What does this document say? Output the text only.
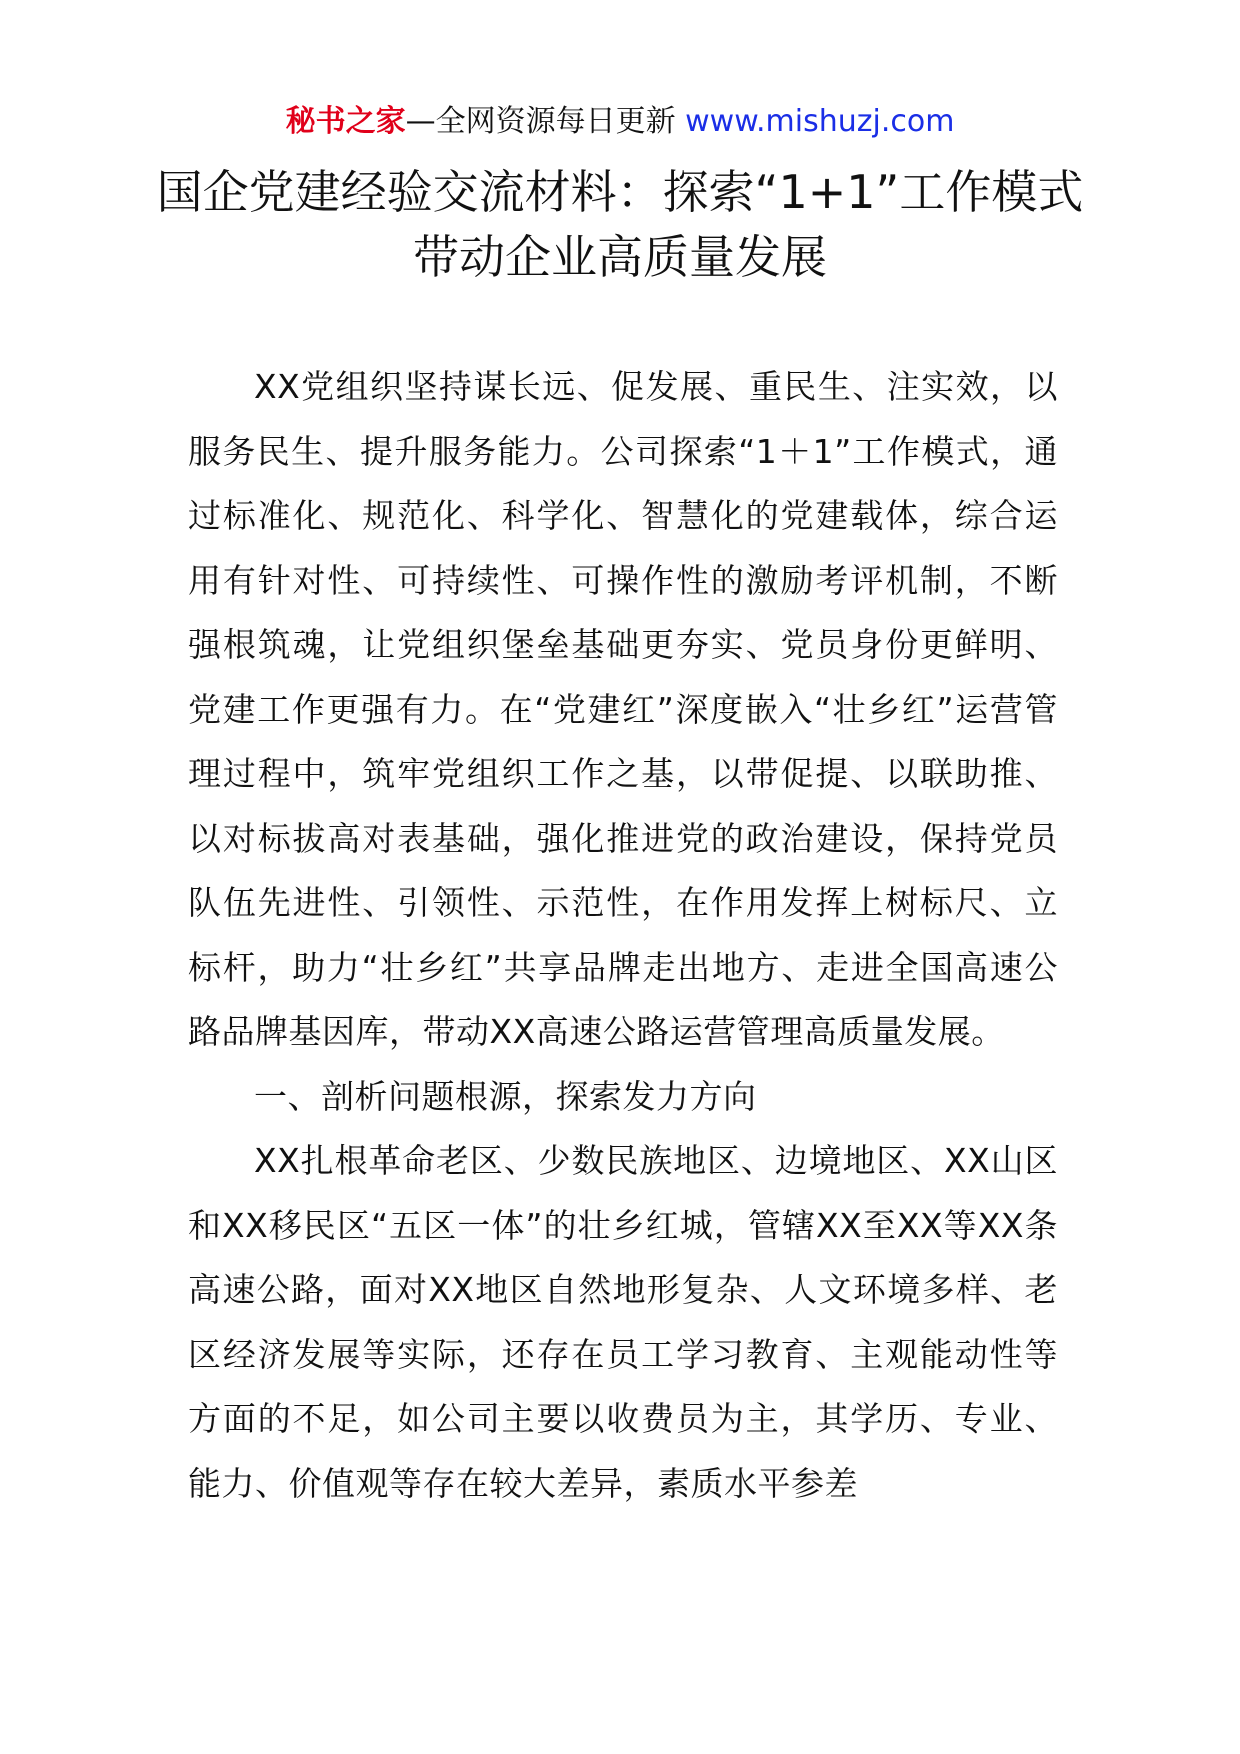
秘书之家—全网资源每日更新 www.mishuzj.com
国企党建经验交流材料：探索“1+1”工作模式带动企业高质量发展

XX党组织坚持谋长远、促发展、重民生、注实效，以服务民生、提升服务能力。公司探索“1＋1”工作模式，通过标准化、规范化、科学化、智慧化的党建载体，综合运用有针对性、可持续性、可操作性的激励考评机制，不断强根筑魂，让党组织堡垒基础更夯实、党员身份更鲜明、党建工作更强有力。在“党建红”深度嵌入“壮乡红”运营管理过程中，筑牢党组织工作之基，以带促提、以联助推、以对标拔高对表基础，强化推进党的政治建设，保持党员队伍先进性、引领性、示范性，在作用发挥上树标尺、立标杆，助力“壮乡红”共享品牌走出地方、走进全国高速公路品牌基因库，带动XX高速公路运营管理高质量发展。

一、剖析问题根源，探索发力方向

XX扎根革命老区、少数民族地区、边境地区、XX山区和XX移民区“五区一体”的壮乡红城，管辖XX至XX等XX条高速公路，面对XX地区自然地形复杂、人文环境多样、老区经济发展等实际，还存在员工学习教育、主观能动性等方面的不足，如公司主要以收费员为主，其学历、专业、能力、价值观等存在较大差异，素质水平参差
